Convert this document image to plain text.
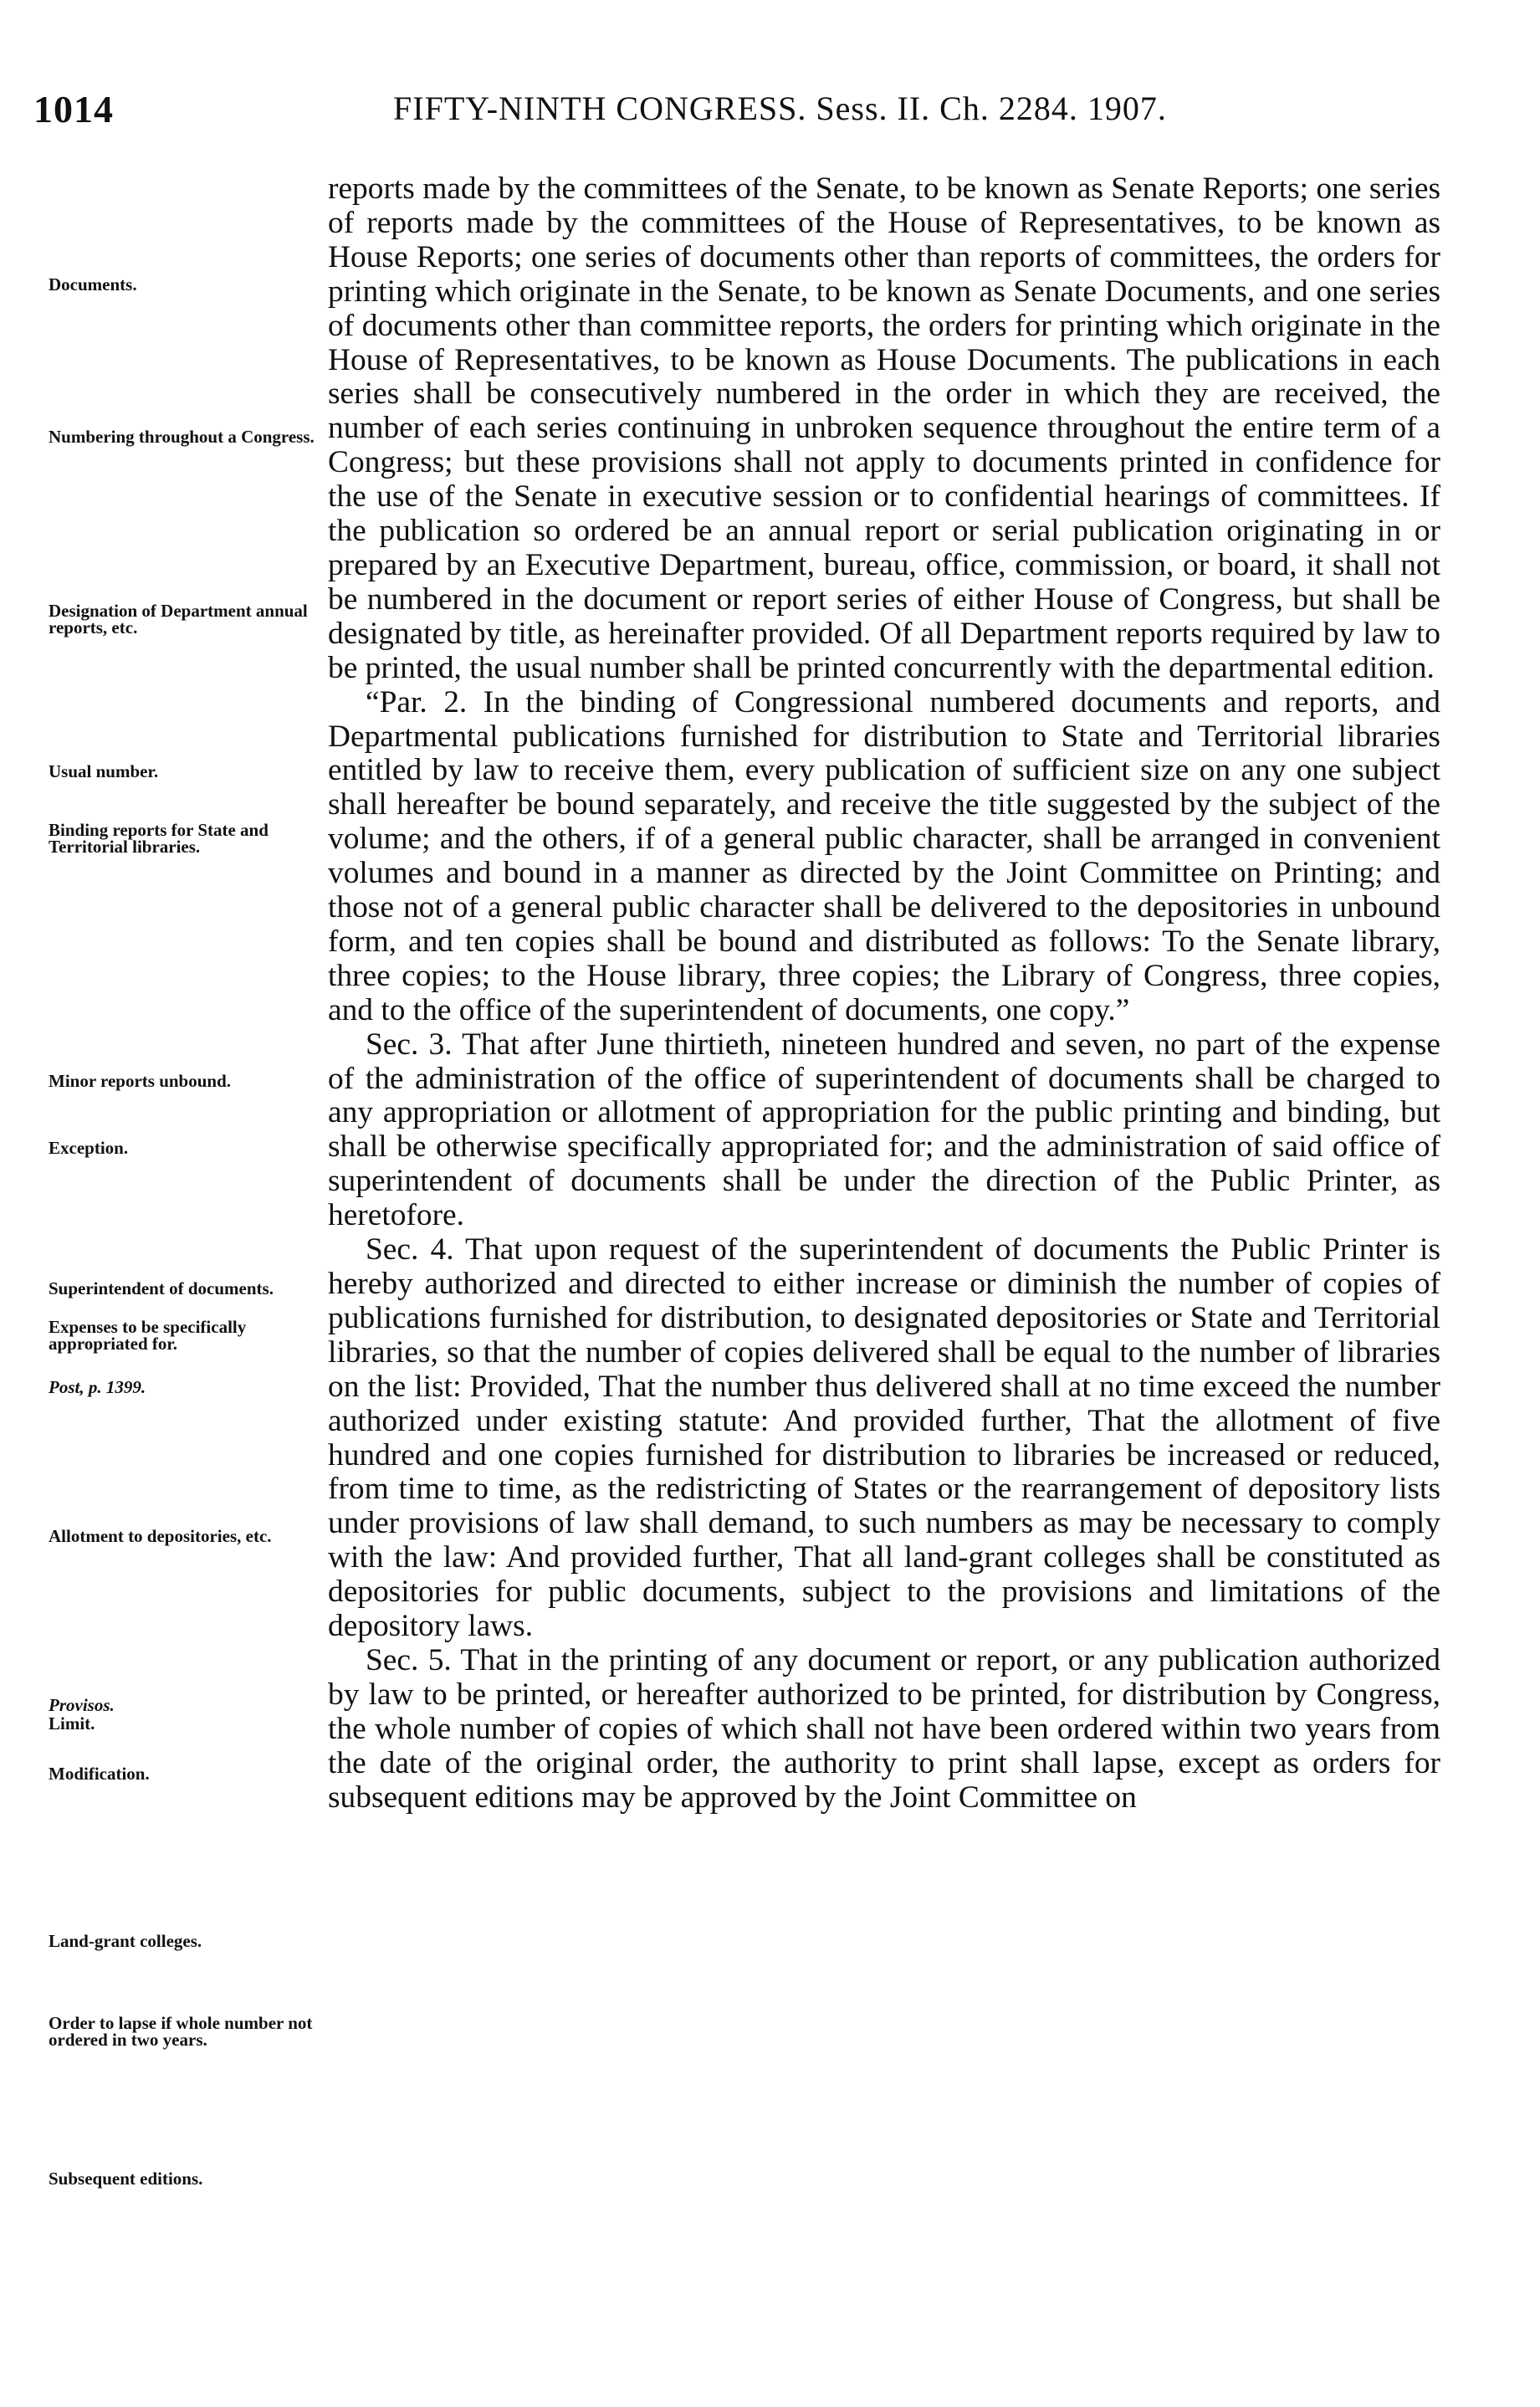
1014	FIFTY-NINTH CONGRESS. Sess. II. Ch. 2284. 1907.
Documents.
Numbering throughout a Congress.
Designation of Department annual reports, etc.
Usual number.
Binding reports for State and Territorial libraries.
Minor reports unbound.
Exception.
Superintendent of documents.
Expenses to be specifically appropriated for.
Post, p. 1399.
Allotment to depositories, etc.
Provisos.
Limit.
Modification.
Land-grant colleges.
Order to lapse if whole number not ordered in two years.
Subsequent editions.

reports made by the committees of the Senate, to be known as Senate Reports; one series of reports made by the committees of the House of Representatives, to be known as House Reports; one series of documents other than reports of committees, the orders for printing which originate in the Senate, to be known as Senate Documents, and one series of documents other than committee reports, the orders for printing which originate in the House of Representatives, to be known as House Documents. The publications in each series shall be consecutively numbered in the order in which they are received, the number of each series continuing in unbroken sequence throughout the entire term of a Congress; but these provisions shall not apply to documents printed in confidence for the use of the Senate in executive session or to confidential hearings of committees. If the publication so ordered be an annual report or serial publication originating in or prepared by an Executive Department, bureau, office, commission, or board, it shall not be numbered in the document or report series of either House of Congress, but shall be designated by title, as hereinafter provided. Of all Department reports required by law to be printed, the usual number shall be printed concurrently with the departmental edition.

“Par. 2. In the binding of Congressional numbered documents and reports, and Departmental publications furnished for distribution to State and Territorial libraries entitled by law to receive them, every publication of sufficient size on any one subject shall hereafter be bound separately, and receive the title suggested by the subject of the volume; and the others, if of a general public character, shall be arranged in convenient volumes and bound in a manner as directed by the Joint Committee on Printing; and those not of a general public character shall be delivered to the depositories in unbound form, and ten copies shall be bound and distributed as follows: To the Senate library, three copies; to the House library, three copies; the Library of Congress, three copies, and to the office of the superintendent of documents, one copy.”

Sec. 3. That after June thirtieth, nineteen hundred and seven, no part of the expense of the administration of the office of superintendent of documents shall be charged to any appropriation or allotment of appropriation for the public printing and binding, but shall be otherwise specifically appropriated for; and the administration of said office of superintendent of documents shall be under the direction of the Public Printer, as heretofore.

Sec. 4. That upon request of the superintendent of documents the Public Printer is hereby authorized and directed to either increase or diminish the number of copies of publications furnished for distribution, to designated depositories or State and Territorial libraries, so that the number of copies delivered shall be equal to the number of libraries on the list: Provided, That the number thus delivered shall at no time exceed the number authorized under existing statute: And provided further, That the allotment of five hundred and one copies furnished for distribution to libraries be increased or reduced, from time to time, as the redistricting of States or the rearrangement of depository lists under provisions of law shall demand, to such numbers as may be necessary to comply with the law: And provided further, That all land-grant colleges shall be constituted as depositories for public documents, subject to the provisions and limitations of the depository laws.

Sec. 5. That in the printing of any document or report, or any publication authorized by law to be printed, or hereafter authorized to be printed, for distribution by Congress, the whole number of copies of which shall not have been ordered within two years from the date of the original order, the authority to print shall lapse, except as orders for subsequent editions may be approved by the Joint Committee on
